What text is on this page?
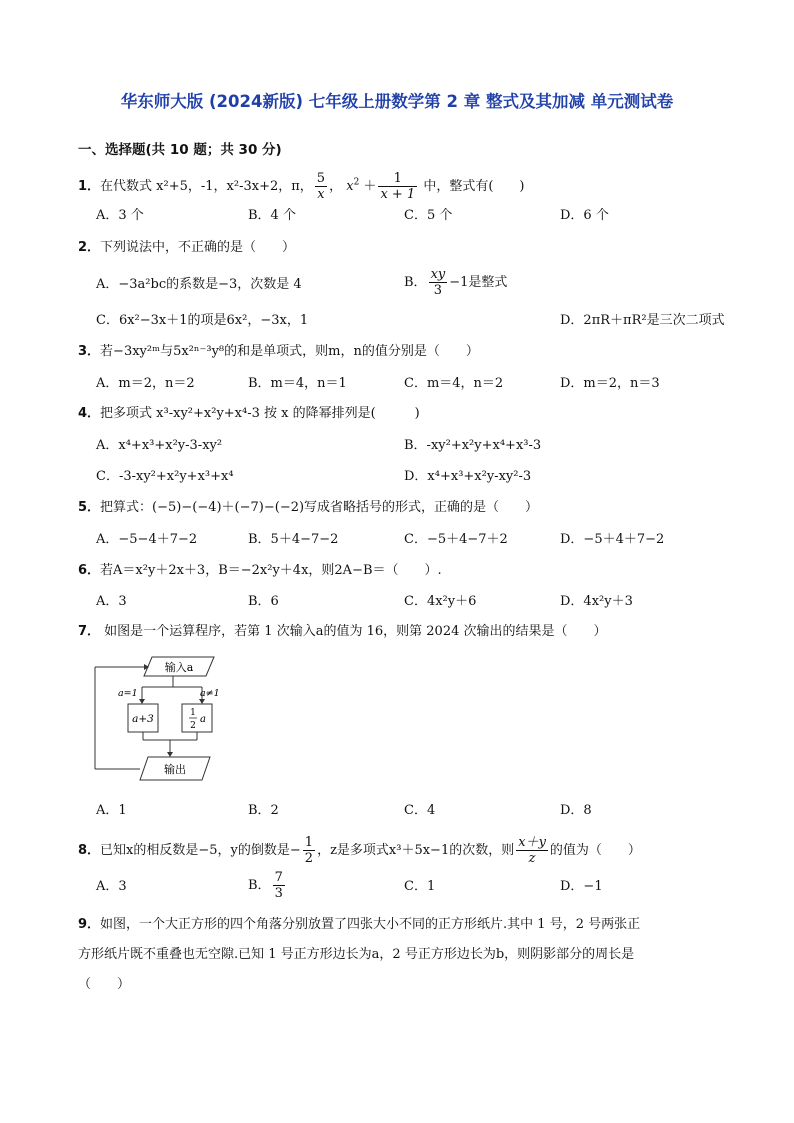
华东师大版 (2024新版) 七年级上册数学第 2 章 整式及其加减 单元测试卷
一、选择题(共 10 题；共 30 分)
1．在代数式 x²+5，-1，x²-3x+2，π， $\frac{5}{x}$ ， $x^2 + \frac{1}{x + 1}$ 中，整式有(　　)
A．3 个	B．4 个	C．5 个	D．6 个
2．下列说法中，不正确的是（　　）
A．−3a²bc的系数是−3，次数是 4	B． $\frac{xy}{3} -1$是整式
C．6x²−3x＋1的项是6x²，−3x，1	D．2πR＋πR²是三次二项式
3．若−3xy²ᵐ与5x²ⁿ⁻³y⁸的和是单项式，则m，n的值分别是（　　）
A．m＝2，n＝2	B．m＝4，n＝1	C．m＝4，n＝2	D．m＝2，n＝3
4．把多项式 x³-xy²+x²y+x⁴-3 按 x 的降幂排列是(　　　)
A．x⁴+x³+x²y-3-xy²	B．-xy²+x²y+x⁴+x³-3
C．-3-xy²+x²y+x³+x⁴	D．x⁴+x³+x²y-xy²-3
5．把算式：(−5)−(−4)＋(−7)−(−2)写成省略括号的形式，正确的是（　　）
A．−5−4＋7−2	B．5＋4−7−2	C．−5＋4−7＋2	D．−5＋4＋7−2
6．若A＝x²y＋2x＋3，B＝−2x²y＋4x，则2A−B＝（　　）.
A．3	B．6	C．4x²y＋6	D．4x²y＋3
7． 如图是一个运算程序，若第 1 次输入a的值为 16，则第 2024 次输出的结果是（　　）
输入a
a=1	a≠1
a+3	1
2
a
输出
A．1	B．2	C．4	D．8
8．已知x的相反数是−5，y的倒数是− $\frac{1}{2}$ ，z是多项式x³＋5x−1的次数，则 $\frac{x+y}{z}$ 的值为（　　）
A．3	B． $\frac{7}{3}$	C．1	D．−1
9．如图，一个大正方形的四个角落分别放置了四张大小不同的正方形纸片.其中 1 号，2 号两张正
方形纸片既不重叠也无空隙.已知 1 号正方形边长为a，2 号正方形边长为b，则阴影部分的周长是
（　　）
